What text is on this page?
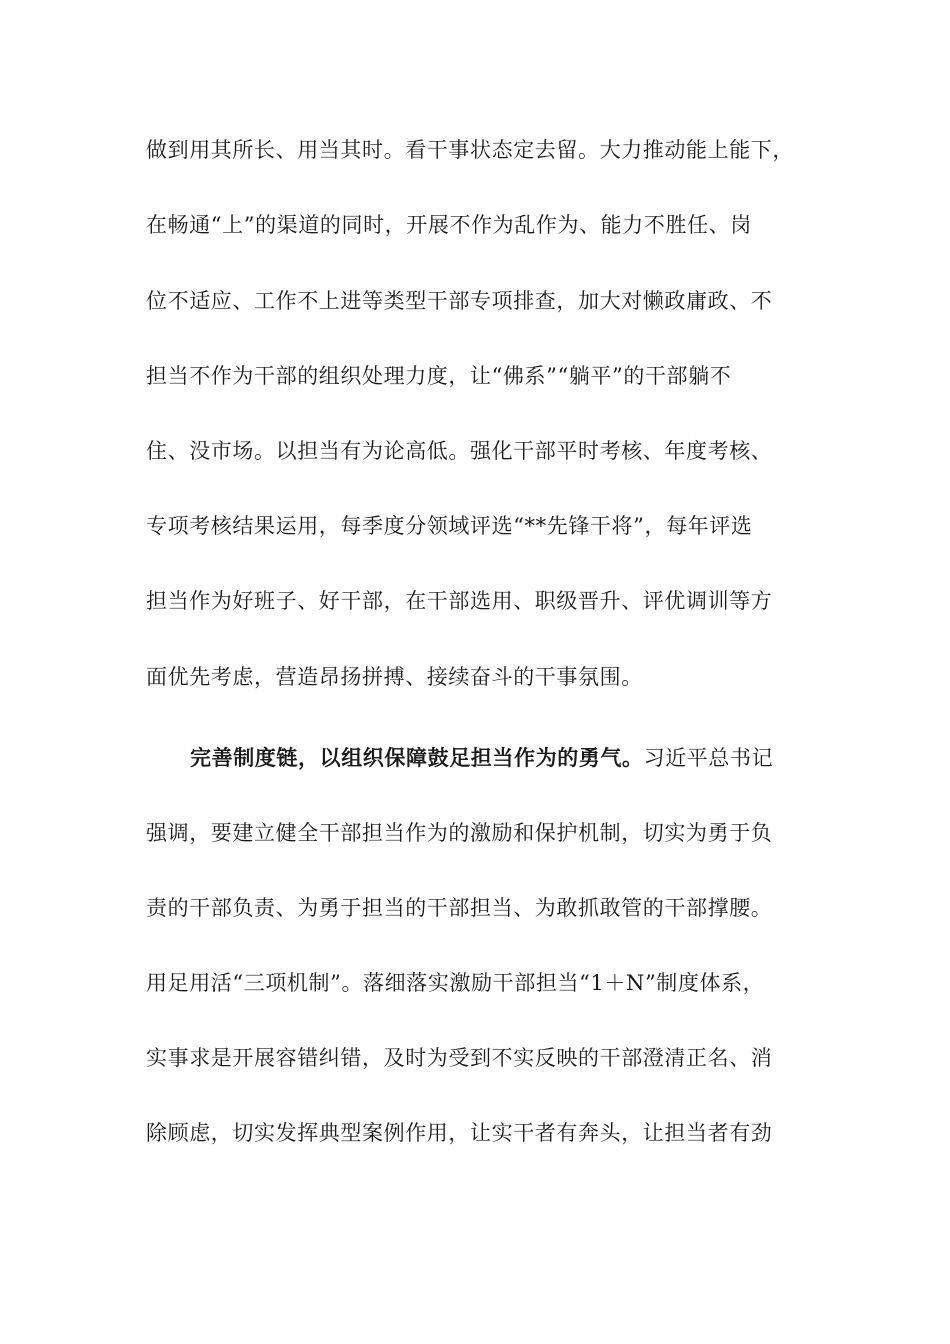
做到用其所长、用当其时。看干事状态定去留。大力推动能上能下，
在畅通“上”的渠道的同时，开展不作为乱作为、能力不胜任、岗
位不适应、工作不上进等类型干部专项排查，加大对懒政庸政、不
担当不作为干部的组织处理力度，让“佛系”“躺平”的干部躺不
住、没市场。以担当有为论高低。强化干部平时考核、年度考核、
专项考核结果运用，每季度分领域评选“**先锋干将”，每年评选
担当作为好班子、好干部，在干部选用、职级晋升、评优调训等方
面优先考虑，营造昂扬拼搏、接续奋斗的干事氛围。
完善制度链，以组织保障鼓足担当作为的勇气。习近平总书记
强调，要建立健全干部担当作为的激励和保护机制，切实为勇于负
责的干部负责、为勇于担当的干部担当、为敢抓敢管的干部撑腰。
用足用活“三项机制”。落细落实激励干部担当“1＋N”制度体系，
实事求是开展容错纠错，及时为受到不实反映的干部澄清正名、消
除顾虑，切实发挥典型案例作用，让实干者有奔头，让担当者有劲
